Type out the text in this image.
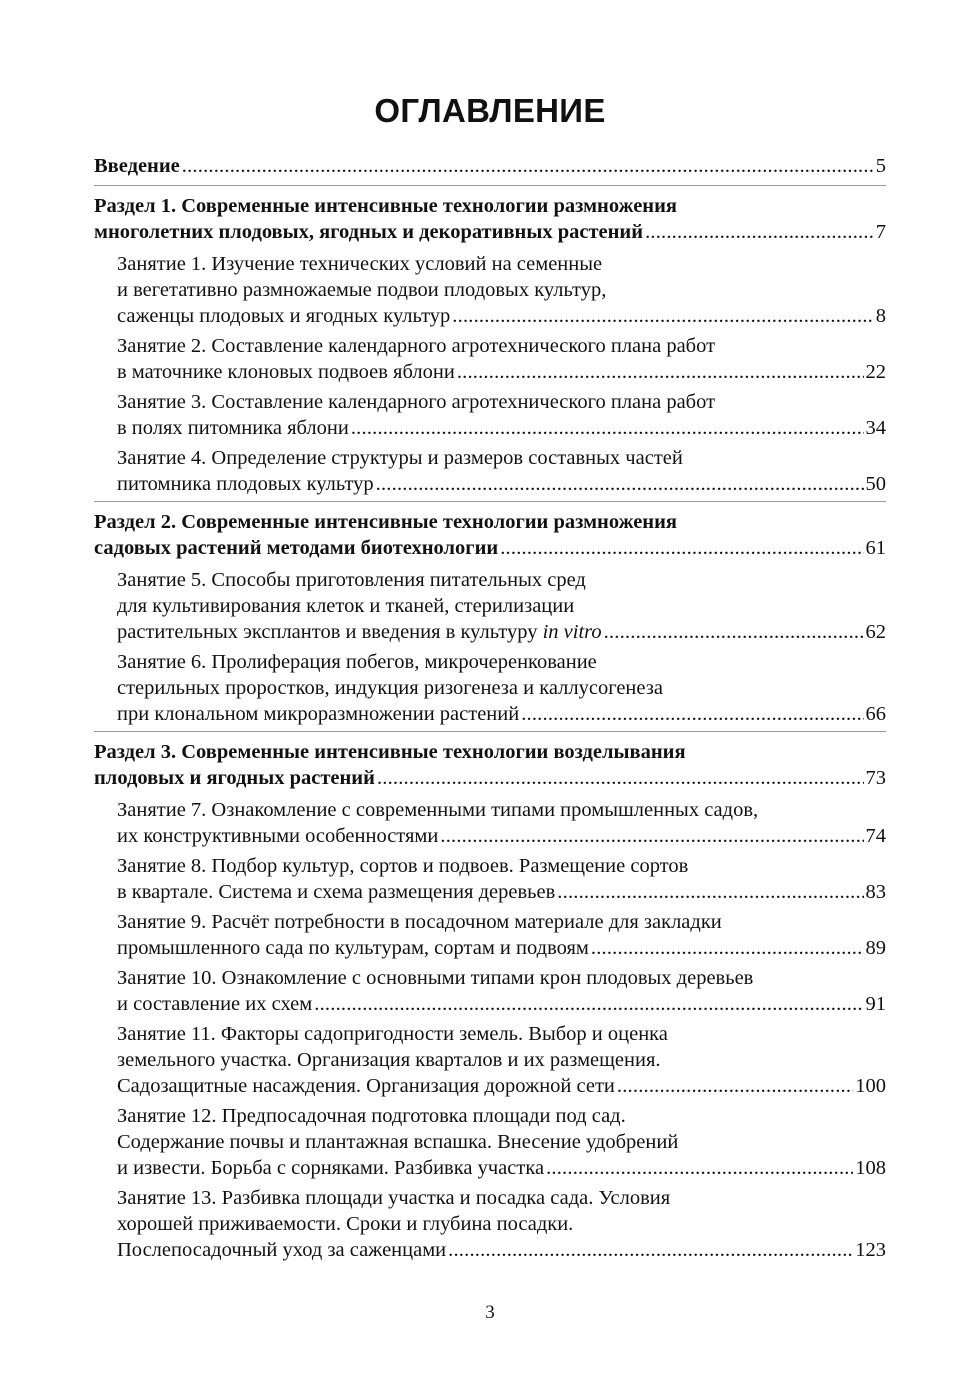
ОГЛАВЛЕНИЕ
Введение .....	5
Раздел 1. Современные интенсивные технологии размножения
многолетних плодовых, ягодных и декоративных растений .....	7
Занятие 1. Изучение технических условий на семенные
и вегетативно размножаемые подвои плодовых культур,
саженцы плодовых и ягодных культур .....	8
Занятие 2. Составление календарного агротехнического плана работ
в маточнике клоновых подвоев яблони .....	22
Занятие 3. Составление календарного агротехнического плана работ
в полях питомника яблони .....	34
Занятие 4. Определение структуры и размеров составных частей
питомника плодовых культур .....	50
Раздел 2. Современные интенсивные технологии размножения
садовых растений методами биотехнологии .....	61
Занятие 5. Способы приготовления питательных сред
для культивирования клеток и тканей, стерилизации
растительных эксплантов и введения в культуру in vitro .....	62
Занятие 6. Пролиферация побегов, микрочеренкование
стерильных проростков, индукция ризогенеза и каллусогенеза
при клональном микроразмножении растений .....	66
Раздел 3. Современные интенсивные технологии возделывания
плодовых и ягодных растений .....	73
Занятие 7. Ознакомление с современными типами промышленных садов,
их конструктивными особенностями .....	74
Занятие 8. Подбор культур, сортов и подвоев. Размещение сортов
в квартале. Система и схема размещения деревьев .....	83
Занятие 9. Расчёт потребности в посадочном материале для закладки
промышленного сада по культурам, сортам и подвоям .....	89
Занятие 10. Ознакомление с основными типами крон плодовых деревьев
и составление их схем .....	91
Занятие 11. Факторы садопригодности земель. Выбор и оценка
земельного участка. Организация кварталов и их размещения.
Садозащитные насаждения. Организация дорожной сети .....	100
Занятие 12. Предпосадочная подготовка площади под сад.
Содержание почвы и плантажная вспашка. Внесение удобрений
и извести. Борьба с сорняками. Разбивка участка .....	108
Занятие 13. Разбивка площади участка и посадка сада. Условия
хорошей приживаемости. Сроки и глубина посадки.
Послепосадочный уход за саженцами .....	123
3
